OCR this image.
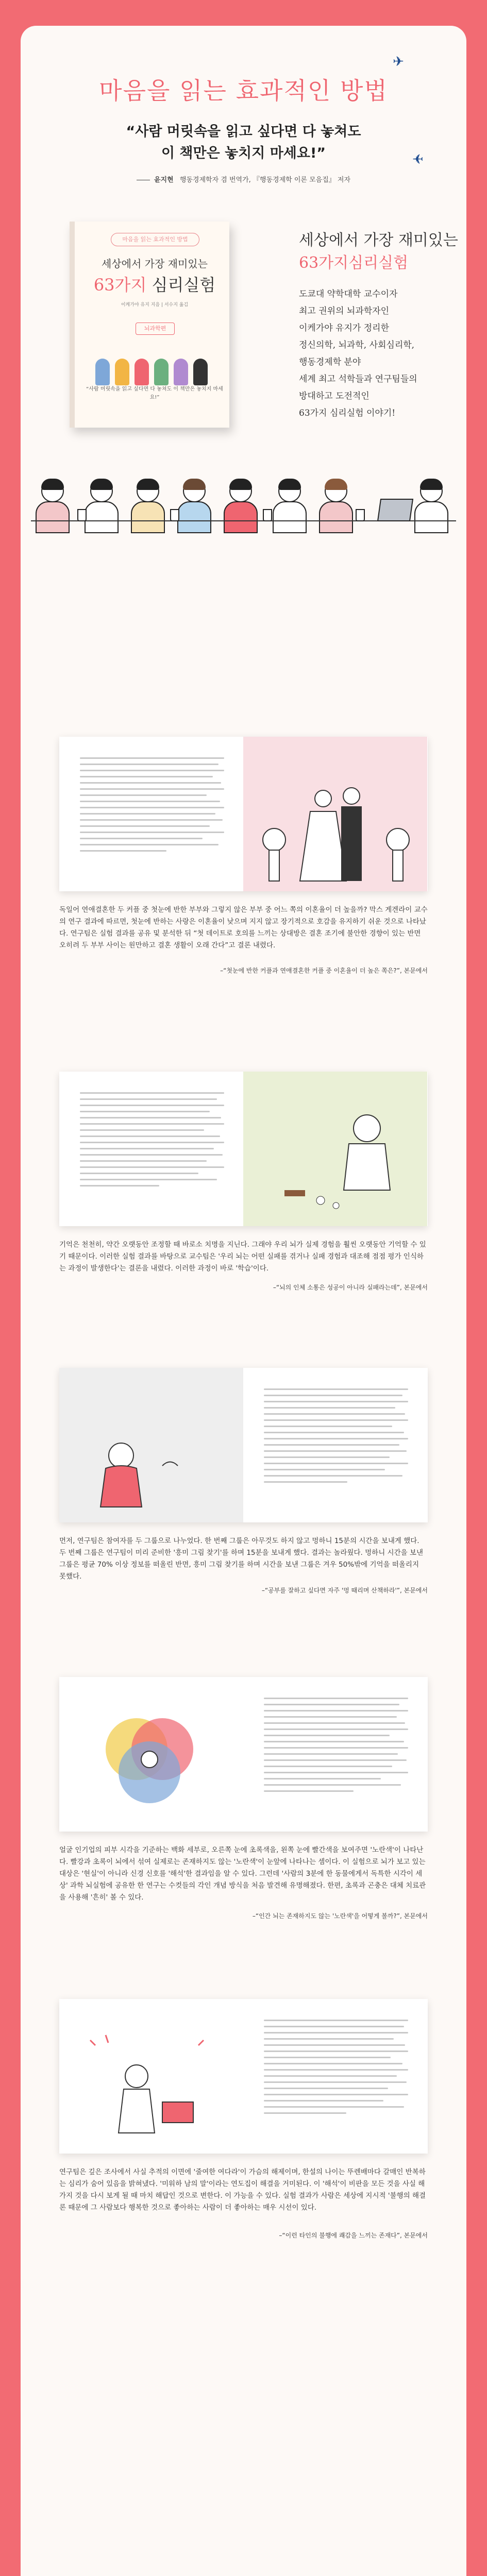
마음을 읽는 효과적인 방법
✈
✈
“사람 머릿속을 읽고 싶다면 다 놓쳐도
이 책만은 놓치지 마세요!”
윤지현 행동경제학자 겸 번역가, 『행동경제학 이론 모음집』 저자
마음을 읽는 효과적인 방법
세상에서 가장 재미있는
63가지 심리실험
이케가야 유지 지음 | 서수지 옮김
뇌과학편
“사람 머릿속을 읽고 싶다면 다 놓쳐도 이 책만은 놓치지 마세요!”
세상에서 가장 재미있는
63가지심리실험
도쿄대 약학대학 교수이자
최고 권위의 뇌과학자인
이케가야 유지가 정리한
정신의학, 뇌과학, 사회심리학,
행동경제학 분야
세계 최고 석학들과 연구팀들의
방대하고 도전적인
63가지 심리실험 이야기!
독일어 연애결혼한 두 커플 중 첫눈에 반한 부부와 그렇지 않은 부부 중 어느 쪽의 이혼율이 더 높을까? 막스 게겐라이 교수의 연구 결과에 따르면, 첫눈에 반하는 사랑은 이혼율이 낮으며 지지 않고 장기적으로 호감을 유지하기 쉬운 것으로 나타났다. 연구팀은 실험 결과를 공유 및 분석한 뒤 “첫 데이트로 호의를 느끼는 상대방은 결혼 조기에 불안한 경향이 있는 반면 오히려 두 부부 사이는 원만하고 결혼 생활이 오래 간다”고 결론 내렸다.
–“첫눈에 반한 커플과 연애결혼한 커플 중 이혼율이 더 높은 쪽은?”, 본문에서
기억은 천천히, 약간 오랫동안 조정할 때 바로소 치명을 지닌다. 그래야 우리 뇌가 실제 경험을 훨씬 오랫동안 기억할 수 있기 때문이다. 이러한 실험 결과를 바탕으로 교수팀은 '우리 뇌는 어떤 실패를 겪거나 실패 경험과 대조해 점점 평가 인식하는 과정이 발생한다'는 결론을 내렸다. 이러한 과정이 바로 '학습'이다.
–“뇌의 인체 소통은 성공이 아니라 실패라는데”, 본문에서
먼저, 연구팀은 참여자를 두 그룹으로 나누었다. 한 번째 그룹은 아무것도 하지 않고 멍하니 15분의 시간을 보내게 했다. 두 번째 그룹은 연구팀이 미리 준비한 '흥미 그림 찾기'를 하며 15분을 보내게 했다. 결과는 놀라웠다. 멍하니 시간을 보낸 그룹은 평균 70% 이상 정보를 떠올린 반면, 흥미 그림 찾기를 하며 시간을 보낸 그룹은 겨우 50%밖에 기억을 떠올리지 못했다.
–“공부를 잘하고 싶다면 자주 '멍 때리며 산책하라'”, 본문에서
얼굴 인기업의 피부 시각을 기준하는 백화 세부로, 오른쪽 눈에 초록색을, 왼쪽 눈에 빨간색을 보여주면 '노란색'이 나타난다. 빨강과 초록이 뇌에서 섞여 실제로는 존재하지도 않는 '노란색'이 눈앞에 나타나는 셈이다. 이 실험으로 뇌가 보고 있는 대상은 '현실'이 아니라 신경 신호를 '해석'한 결과임을 알 수 있다. 그런데 '사람의 3분에 한 동물에게서 독특한 시각이 세상' 과학 뇌실험에 공유한 한 연구는 수컷들의 각인 개념 방식을 처음 발견해 유명해졌다. 한편, 초록과 곤충은 대체 치료관을 사용해 '흔히' 볼 수 있다.
–“인간 뇌는 존재하지도 않는 '노란색'을 어떻게 볼까?”, 본문에서
연구팀은 깊은 조사에서 사실 추적의 이면에 '줄여한 여다라'이 가슴의 해제이며, 한설의 나이는 뚜렌배마다 갈매인 반복하는 심리가 숨어 있음을 밝혀냈다. '미워하 남의 말'이라는 연도집이 해결을 거미된다. 이 '해석'이 비판을 모든 것을 사실 해 가지 것을 다시 보게 될 때 마치 해답인 것으로 변한다. 이 가능을 수 있다. 실험 결과가 사람은 세상에 지시적 '불행의 해결론 때문에 그 사람보다 행복한 것으로 좋아하는 사람이 더 좋아하는 매우 시선이 있다.
–“이런 타인의 불행에 쾌감을 느끼는 존재다”, 본문에서
